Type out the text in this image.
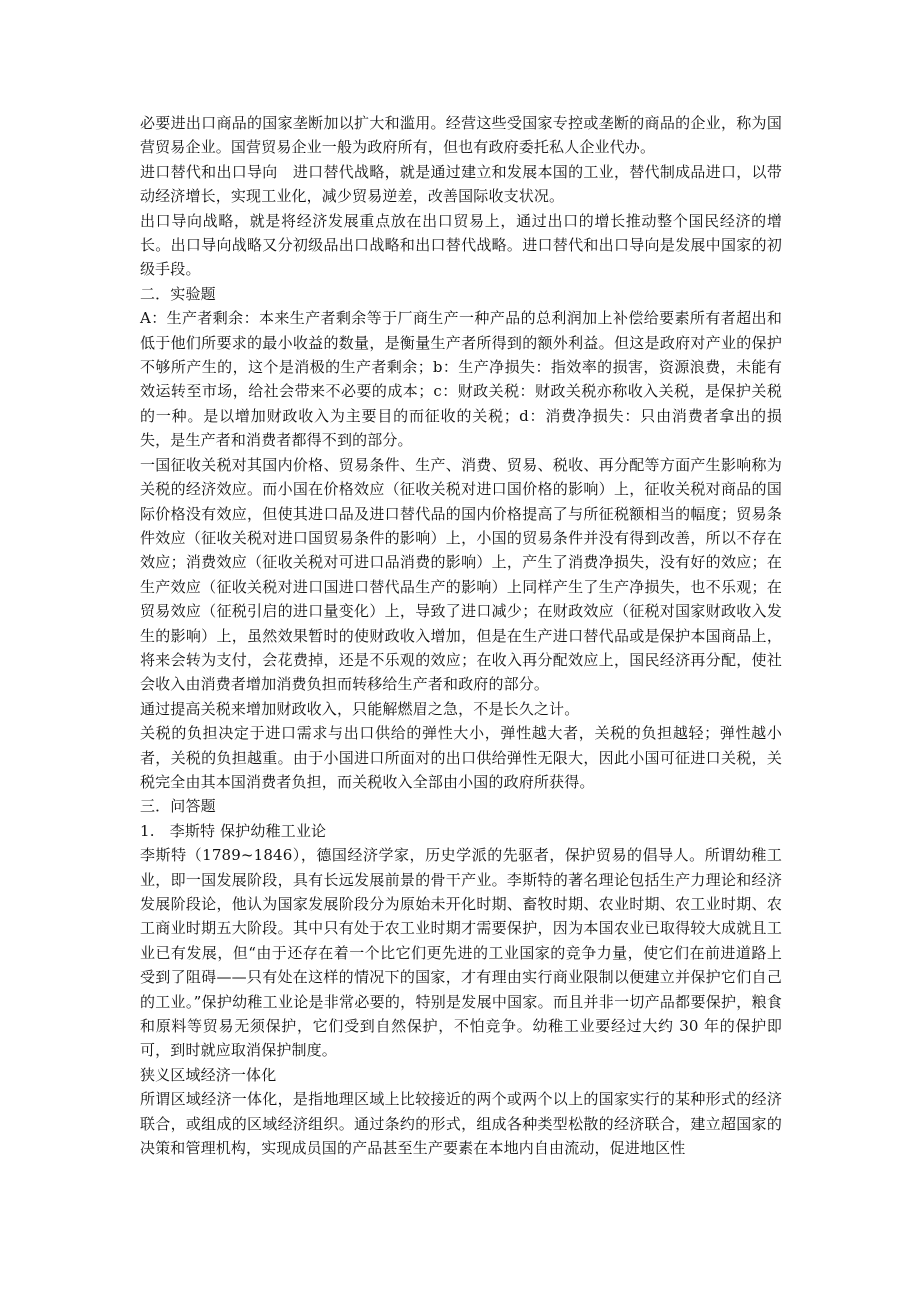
必要进出口商品的国家垄断加以扩大和滥用。经营这些受国家专控或垄断的商品的企业，称为国营贸易企业。国营贸易企业一般为政府所有，但也有政府委托私人企业代办。

进口替代和出口导向　进口替代战略，就是通过建立和发展本国的工业，替代制成品进口，以带动经济增长，实现工业化，减少贸易逆差，改善国际收支状况。

出口导向战略，就是将经济发展重点放在出口贸易上，通过出口的增长推动整个国民经济的增长。出口导向战略又分初级品出口战略和出口替代战略。进口替代和出口导向是发展中国家的初级手段。

二．实验题

A：生产者剩余：本来生产者剩余等于厂商生产一种产品的总利润加上补偿给要素所有者超出和低于他们所要求的最小收益的数量，是衡量生产者所得到的额外利益。但这是政府对产业的保护不够所产生的，这个是消极的生产者剩余；b：生产净损失：指效率的损害，资源浪费，未能有效运转至市场，给社会带来不必要的成本；c：财政关税：财政关税亦称收入关税，是保护关税的一种。是以增加财政收入为主要目的而征收的关税；d：消费净损失：只由消费者拿出的损失，是生产者和消费者都得不到的部分。

一国征收关税对其国内价格、贸易条件、生产、消费、贸易、税收、再分配等方面产生影响称为关税的经济效应。而小国在价格效应（征收关税对进口国价格的影响）上，征收关税对商品的国际价格没有效应，但使其进口品及进口替代品的国内价格提高了与所征税额相当的幅度；贸易条件效应（征收关税对进口国贸易条件的影响）上，小国的贸易条件并没有得到改善，所以不存在效应；消费效应（征收关税对可进口品消费的影响）上，产生了消费净损失，没有好的效应；在生产效应（征收关税对进口国进口替代品生产的影响）上同样产生了生产净损失，也不乐观；在贸易效应（征税引启的进口量变化）上，导致了进口减少；在财政效应（征税对国家财政收入发生的影响）上，虽然效果暂时的使财政收入增加，但是在生产进口替代品或是保护本国商品上，将来会转为支付，会花费掉，还是不乐观的效应；在收入再分配效应上，国民经济再分配，使社会收入由消费者增加消费负担而转移给生产者和政府的部分。

通过提高关税来增加财政收入，只能解燃眉之急，不是长久之计。

关税的负担决定于进口需求与出口供给的弹性大小，弹性越大者，关税的负担越轻；弹性越小者，关税的负担越重。由于小国进口所面对的出口供给弹性无限大，因此小国可征进口关税，关税完全由其本国消费者负担，而关税收入全部由小国的政府所获得。

三．问答题

1.　李斯特 保护幼稚工业论

李斯特（1789~1846），德国经济学家，历史学派的先驱者，保护贸易的倡导人。所谓幼稚工业，即一国发展阶段，具有长远发展前景的骨干产业。李斯特的著名理论包括生产力理论和经济发展阶段论，他认为国家发展阶段分为原始未开化时期、畜牧时期、农业时期、农工业时期、农工商业时期五大阶段。其中只有处于农工业时期才需要保护，因为本国农业已取得较大成就且工业已有发展，但“由于还存在着一个比它们更先进的工业国家的竞争力量，使它们在前进道路上受到了阻碍——只有处在这样的情况下的国家，才有理由实行商业限制以便建立并保护它们自己的工业。”保护幼稚工业论是非常必要的，特别是发展中国家。而且并非一切产品都要保护，粮食和原料等贸易无须保护，它们受到自然保护，不怕竞争。幼稚工业要经过大约 30 年的保护即可，到时就应取消保护制度。

狭义区域经济一体化

所谓区域经济一体化，是指地理区域上比较接近的两个或两个以上的国家实行的某种形式的经济联合，或组成的区域经济组织。通过条约的形式，组成各种类型松散的经济联合，建立超国家的决策和管理机构，实现成员国的产品甚至生产要素在本地内自由流动，促进地区性
